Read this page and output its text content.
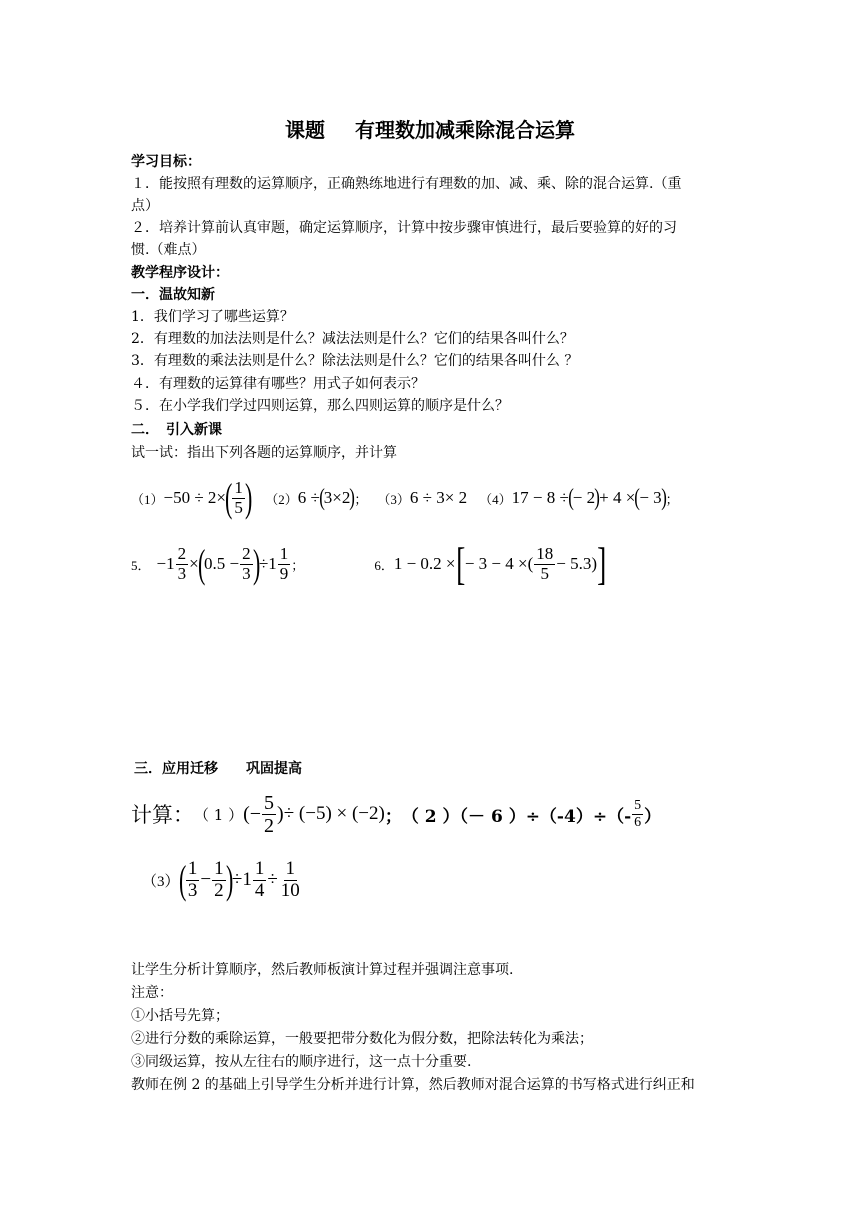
课题 有理数加减乘除混合运算
学习目标：
１．能按照有理数的运算顺序，正确熟练地进行有理数的加、减、乘、除的混合运算.（重
点）
２．培养计算前认真审题，确定运算顺序，计算中按步骤审慎进行，最后要验算的好的习
惯.（难点）
教学程序设计：
一．温故知新
1．我们学习了哪些运算？
2．有理数的加法法则是什么？减法法则是什么？它们的结果各叫什么？
3．有理数的乘法法则是什么？除法法则是什么？它们的结果各叫什么 ？
４．有理数的运算律有哪些？用式子如何表示？
５．在小学我们学过四则运算，那么四则运算的顺序是什么？
二．　引入新课
试一试：指出下列各题的运算顺序，并计算
（1） −50 ÷ 2×
( $\frac{1}{5}$ ) （2） 6 ÷ ( 3×2 ) ； （3） 6 ÷ 3× 2 （4） 17 − 8 ÷ ( − 2 ) + 4 × ( − 3 ) ；
5． $-1 \frac{2}{3}$ ×
(
$0.5 - \frac{2}{3}$ )
$\div 1 \frac{1}{9}$ ；	6． 1 − 0.2 × [ − 3 − 4 × ( $\frac{18}{5} - 5.3$) ]
三．应用迁移　　巩固提高
计算： （ 1 ） (− $\frac{5}{2}$ ) ÷ (−5) × (−2) ； （ 2 ）（－ 6 ）$\div(-4)\div(- \frac{5}{6}$ ）
（3）
( $\frac{1}{3} - \frac{1}{2}$ )
$\div 1 \frac{1}{4} \div \frac{1}{10}$
让学生分析计算顺序，然后教师板演计算过程并强调注意事项.
注意：
①小括号先算；
②进行分数的乘除运算，一般要把带分数化为假分数，把除法转化为乘法；
③同级运算，按从左往右的顺序进行，这一点十分重要.
教师在例 2 的基础上引导学生分析并进行计算，然后教师对混合运算的书写格式进行纠正和
